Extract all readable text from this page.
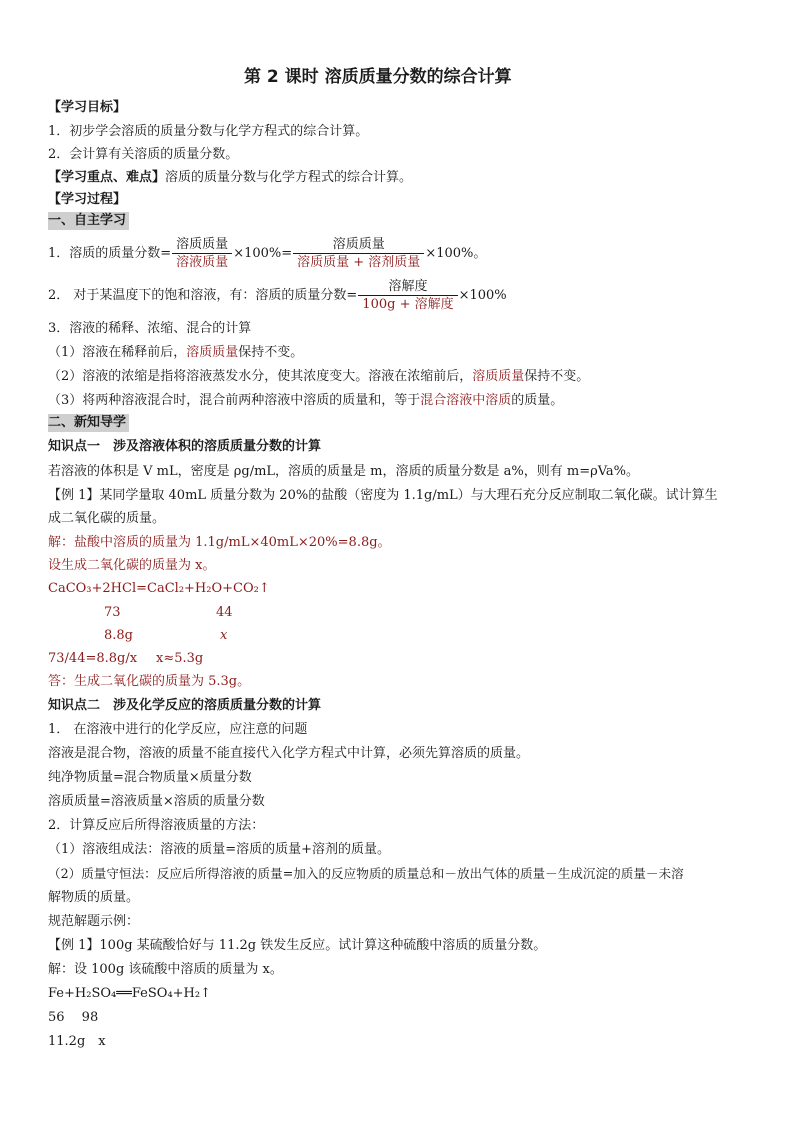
第 2 课时 溶质质量分数的综合计算
【学习目标】
1．初步学会溶质的质量分数与化学方程式的综合计算。
2．会计算有关溶质的质量分数。
【学习重点、难点】溶质的质量分数与化学方程式的综合计算。
【学习过程】
一、自主学习
1．溶质的质量分数= $\frac{\text{溶质质量}}{\text{溶液质量}} \times 100\%= \frac{\text{溶质质量}}{\text{溶质质量 + 溶剂质量}} \times 100\%$。
2． 对于某温度下的饱和溶液，有：溶质的质量分数= $\frac{\text{溶解度}}{\text{100g + 溶解度}} \times 100\%$
3．溶液的稀释、浓缩、混合的计算
（1）溶液在稀释前后，溶质质量保持不变。
（2）溶液的浓缩是指将溶液蒸发水分，使其浓度变大。溶液在浓缩前后，溶质质量保持不变。
（3）将两种溶液混合时，混合前两种溶液中溶质的质量和，等于混合溶液中溶质的质量。
二、新知导学
知识点一　涉及溶液体积的溶质质量分数的计算
若溶液的体积是 V mL，密度是 ρg/mL，溶质的质量是 m，溶质的质量分数是 a%，则有 m=ρVa%。
【例 1】某同学量取 40mL 质量分数为 20%的盐酸（密度为 1.1g/mL）与大理石充分反应制取二氧化碳。试计算生
成二氧化碳的质量。
解：盐酸中溶质的质量为 1.1g/mL×40mL×20%=8.8g。
设生成二氧化碳的质量为 x。
CaCO₃+2HCl=CaCl₂+H₂O+CO₂↑
73	44
8.8g	x
73/44=8.8g/x x≈5.3g
答：生成二氧化碳的质量为 5.3g。
知识点二　涉及化学反应的溶质质量分数的计算
1． 在溶液中进行的化学反应，应注意的问题
溶液是混合物，溶液的质量不能直接代入化学方程式中计算，必须先算溶质的质量。
纯净物质量=混合物质量×质量分数
溶质质量=溶液质量×溶质的质量分数
2．计算反应后所得溶液质量的方法：
（1）溶液组成法：溶液的质量=溶质的质量+溶剂的质量。
（2）质量守恒法：反应后所得溶液的质量=加入的反应物质的质量总和－放出气体的质量－生成沉淀的质量－未溶
解物质的质量。
规范解题示例：
【例 1】100g 某硫酸恰好与 11.2g 铁发生反应。试计算这种硫酸中溶质的质量分数。
解：设 100g 该硫酸中溶质的质量为 x。
Fe+H₂SO₄══FeSO₄+H₂↑
56　 98
11.2g　x
